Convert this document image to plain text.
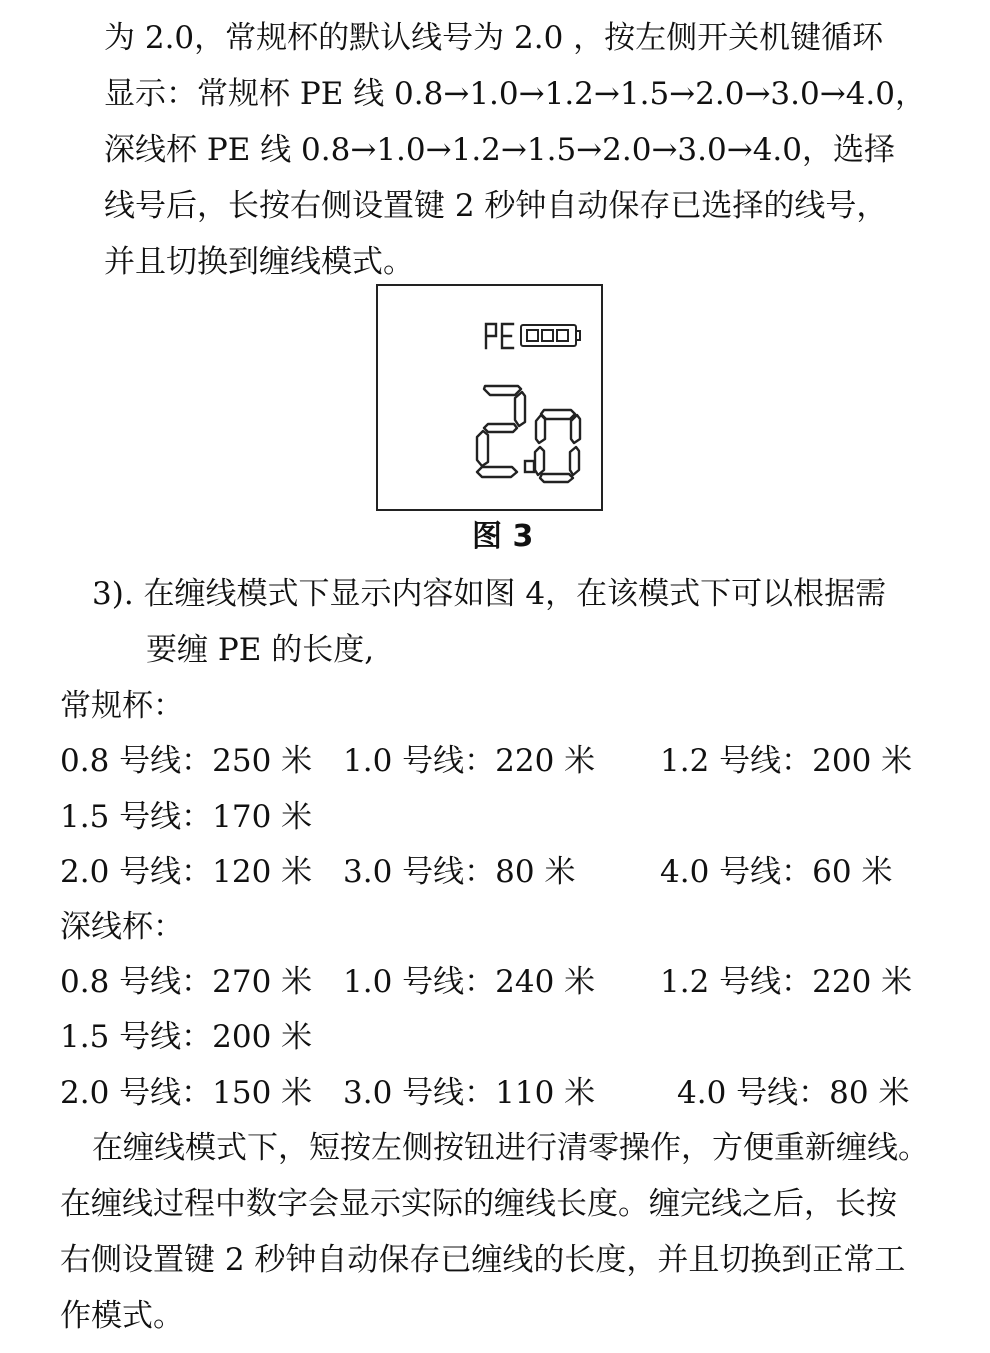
为 2.0，常规杯的默认线号为 2.0 ，按左侧开关机键循环
显示：常规杯 PE 线 0.8→1.0→1.2→1.5→2.0→3.0→4.0，
深线杯 PE 线 0.8→1.0→1.2→1.5→2.0→3.0→4.0，选择
线号后，长按右侧设置键 2 秒钟自动保存已选择的线号，
并且切换到缠线模式。
图 3
3). 在缠线模式下显示内容如图 4，在该模式下可以根据需
要缠 PE 的长度,
常规杯：
0.8 号线：250 米 1.0 号线：220 米 1.2 号线：200 米
1.5 号线：170 米
2.0 号线：120 米 3.0 号线：80 米	4.0 号线：60 米
深线杯：
0.8 号线：270 米 1.0 号线：240 米 1.2 号线：220 米
1.5 号线：200 米
2.0 号线：150 米 3.0 号线：110 米	4.0 号线：80 米
在缠线模式下，短按左侧按钮进行清零操作，方便重新缠线。
在缠线过程中数字会显示实际的缠线长度。缠完线之后，长按
右侧设置键 2 秒钟自动保存已缠线的长度，并且切换到正常工
作模式。
